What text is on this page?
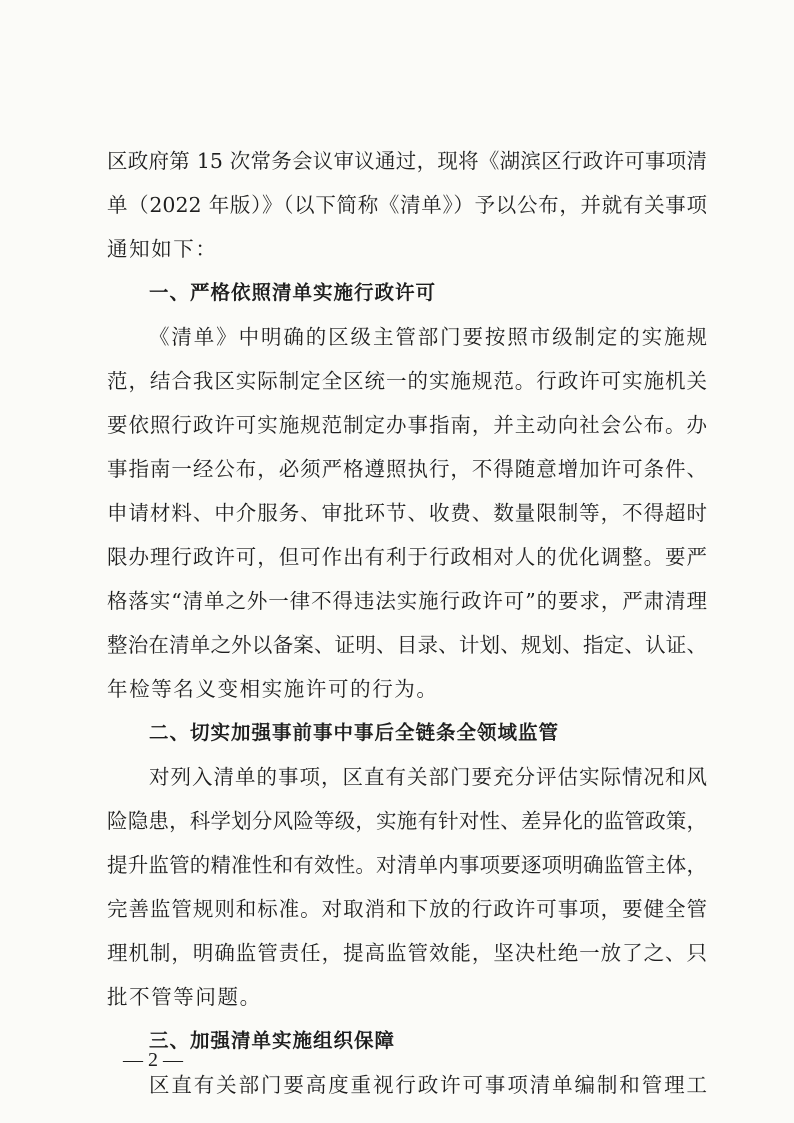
区政府第 15 次常务会议审议通过，现将《湖滨区行政许可事项清
单（2022 年版）》（以下简称《清单》）予以公布，并就有关事项
通知如下：
一、严格依照清单实施行政许可
《清单》中明确的区级主管部门要按照市级制定的实施规
范，结合我区实际制定全区统一的实施规范。行政许可实施机关
要依照行政许可实施规范制定办事指南，并主动向社会公布。办
事指南一经公布，必须严格遵照执行，不得随意增加许可条件、
申请材料、中介服务、审批环节、收费、数量限制等，不得超时
限办理行政许可，但可作出有利于行政相对人的优化调整。要严
格落实“清单之外一律不得违法实施行政许可”的要求，严肃清理
整治在清单之外以备案、证明、目录、计划、规划、指定、认证、
年检等名义变相实施许可的行为。
二、切实加强事前事中事后全链条全领域监管
对列入清单的事项，区直有关部门要充分评估实际情况和风
险隐患，科学划分风险等级，实施有针对性、差异化的监管政策，
提升监管的精准性和有效性。对清单内事项要逐项明确监管主体，
完善监管规则和标准。对取消和下放的行政许可事项，要健全管
理机制，明确监管责任，提高监管效能，坚决杜绝一放了之、只
批不管等问题。
三、加强清单实施组织保障
区直有关部门要高度重视行政许可事项清单编制和管理工
— 2 —
